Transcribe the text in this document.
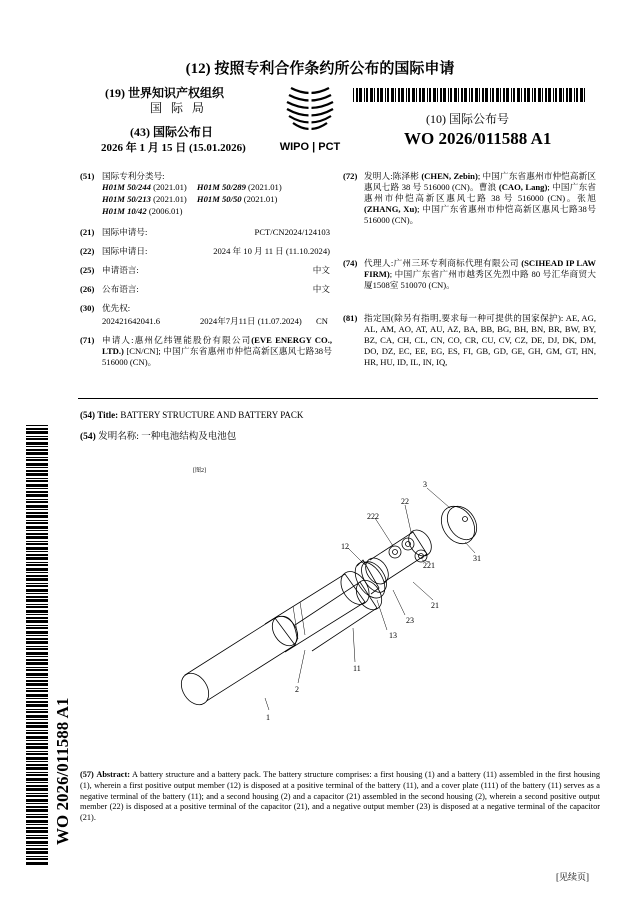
(12) 按照专利合作条约所公布的国际申请
(19) 世界知识产权组织
国 际 局
(43) 国际公布日
2026 年 1 月 15 日 (15.01.2026)	WIPO | PCT
(10) 国际公布号
WO 2026/011588 A1
(51) 国际专利分类号:
H01M 50/244 (2021.01) H01M 50/289 (2021.01)
H01M 50/213 (2021.01) H01M 50/50 (2021.01)
H01M 10/42 (2006.01)
(21) 国际申请号:	PCT/CN2024/124103
(22) 国际申请日:	2024 年 10 月 11 日 (11.10.2024)
(25) 申请语言:	中文
(26) 公布语言:	中文
(30) 优先权:
202421642041.6	2024年7月11日 (11.07.2024) CN
(71) 申请人:惠州亿纬锂能股份有限公司(EVE ENERGY CO., LTD.) [CN/CN]; 中国广东省惠州市仲恺高新区惠风七路38号 516000 (CN)。
(72) 发明人:陈泽彬 (CHEN, Zebin); 中国广东省惠州市仲恺高新区惠风七路 38 号 516000 (CN)。曹浪 (CAO, Lang); 中国广东省惠州市仲恺高新区惠风七路 38 号 516000 (CN)。张旭 (ZHANG, Xu); 中国广东省惠州市仲恺高新区惠风七路38号 516000 (CN)。

(74) 代理人:广州三环专利商标代理有限公司 (SCIHEAD IP LAW FIRM); 中国广东省广州市越秀区先烈中路 80 号汇华商贸大厦1508室 510070 (CN)。

(81) 指定国(除另有指明,要求每一种可提供的国家保护): AE, AG, AL, AM, AO, AT, AU, AZ, BA, BB, BG, BH, BN, BR, BW, BY, BZ, CA, CH, CL, CN, CO, CR, CU, CV, CZ, DE, DJ, DK, DM, DO, DZ, EC, EE, EG, ES, FI, GB, GD, GE, GH, GM, GT, HN, HR, HU, ID, IL, IN, IQ,

(54) Title: BATTERY STRUCTURE AND BATTERY PACK
(54) 发明名称: 一种电池结构及电池包
[图2]
3
22
222
12
31
221
21
23
13
11
2
1
(57) Abstract: A battery structure and a battery pack. The battery structure comprises: a first housing (1) and a battery (11) assembled in the first housing (1), wherein a first positive output member (12) is disposed at a positive terminal of the battery (11), and a cover plate (111) of the battery (11) serves as a negative terminal of the battery (11); and a second housing (2) and a capacitor (21) assembled in the second housing (2), wherein a second positive output member (22) is disposed at a positive terminal of the capacitor (21), and a negative output member (23) is disposed at a negative terminal of the capacitor (21).
WO 2026/011588 A1
[见续页]
